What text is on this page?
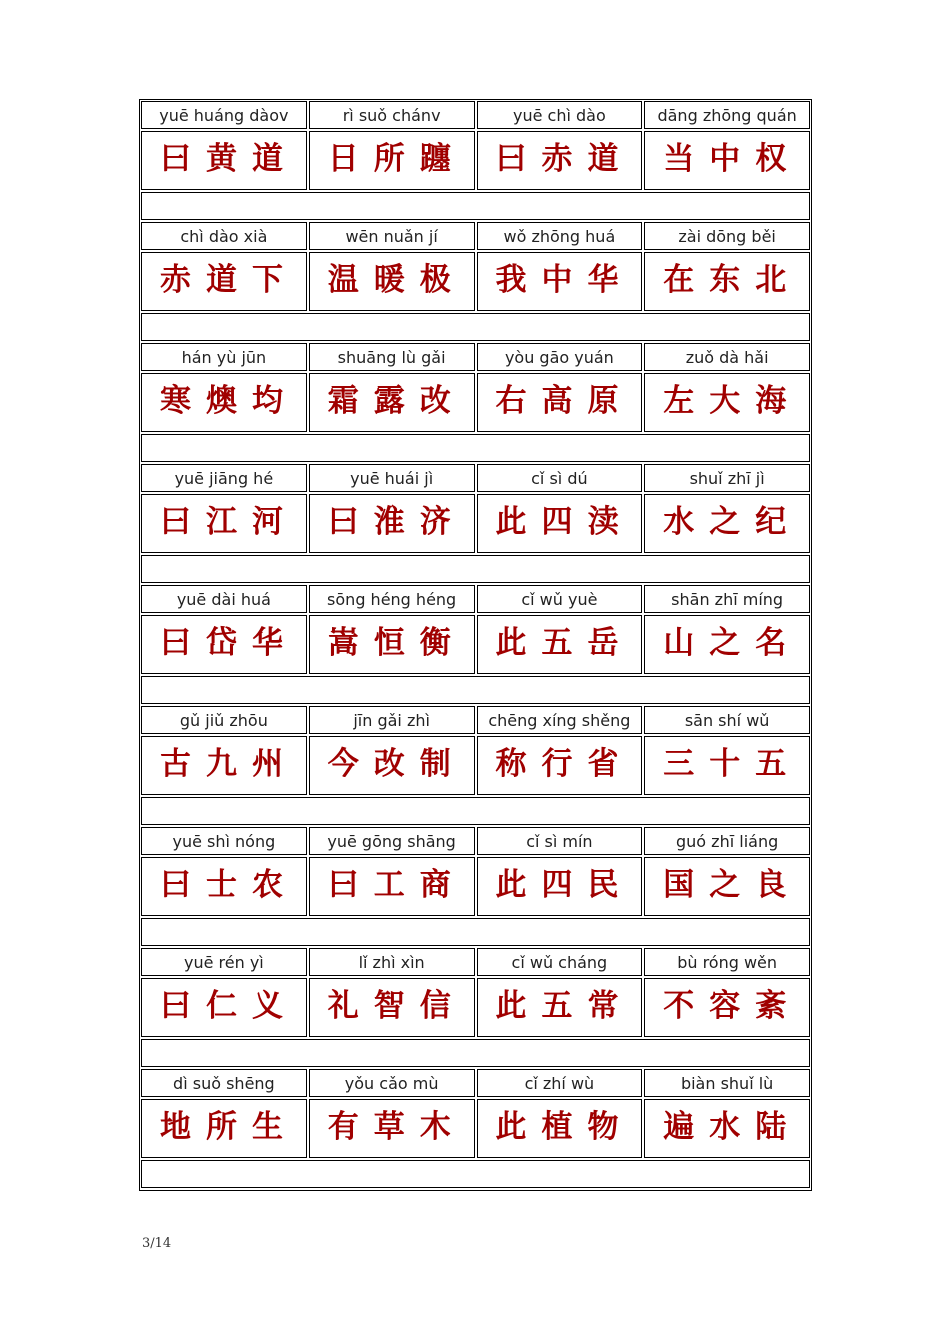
yuē huáng dàov
曰黄道
rì suǒ chánv
日所躔
yuē chì dào
曰赤道
dāng zhōng quán
当中权
chì dào xià
赤道下
wēn nuǎn jí
温暖极
wǒ zhōng huá
我中华
zài dōng běi
在东北
hán yù jūn
寒燠均
shuāng lù gǎi
霜露改
yòu gāo yuán
右高原
zuǒ dà hǎi
左大海
yuē jiāng hé
曰江河
yuē huái jì
曰淮济
cǐ sì dú
此四渎
shuǐ zhī jì
水之纪
yuē dài huá
曰岱华
sōng héng héng
嵩恒衡
cǐ wǔ yuè
此五岳
shān zhī míng
山之名
gǔ jiǔ zhōu
古九州
jīn gǎi zhì
今改制
chēng xíng shěng
称行省
sān shí wǔ
三十五
yuē shì nóng
曰士农
yuē gōng shāng
曰工商
cǐ sì mín
此四民
guó zhī liáng
国之良
yuē rén yì
曰仁义
lǐ zhì xìn
礼智信
cǐ wǔ cháng
此五常
bù róng wěn
不容紊
dì suǒ shēng
地所生
yǒu cǎo mù
有草木
cǐ zhí wù
此植物
biàn shuǐ lù
遍水陆
3/14
